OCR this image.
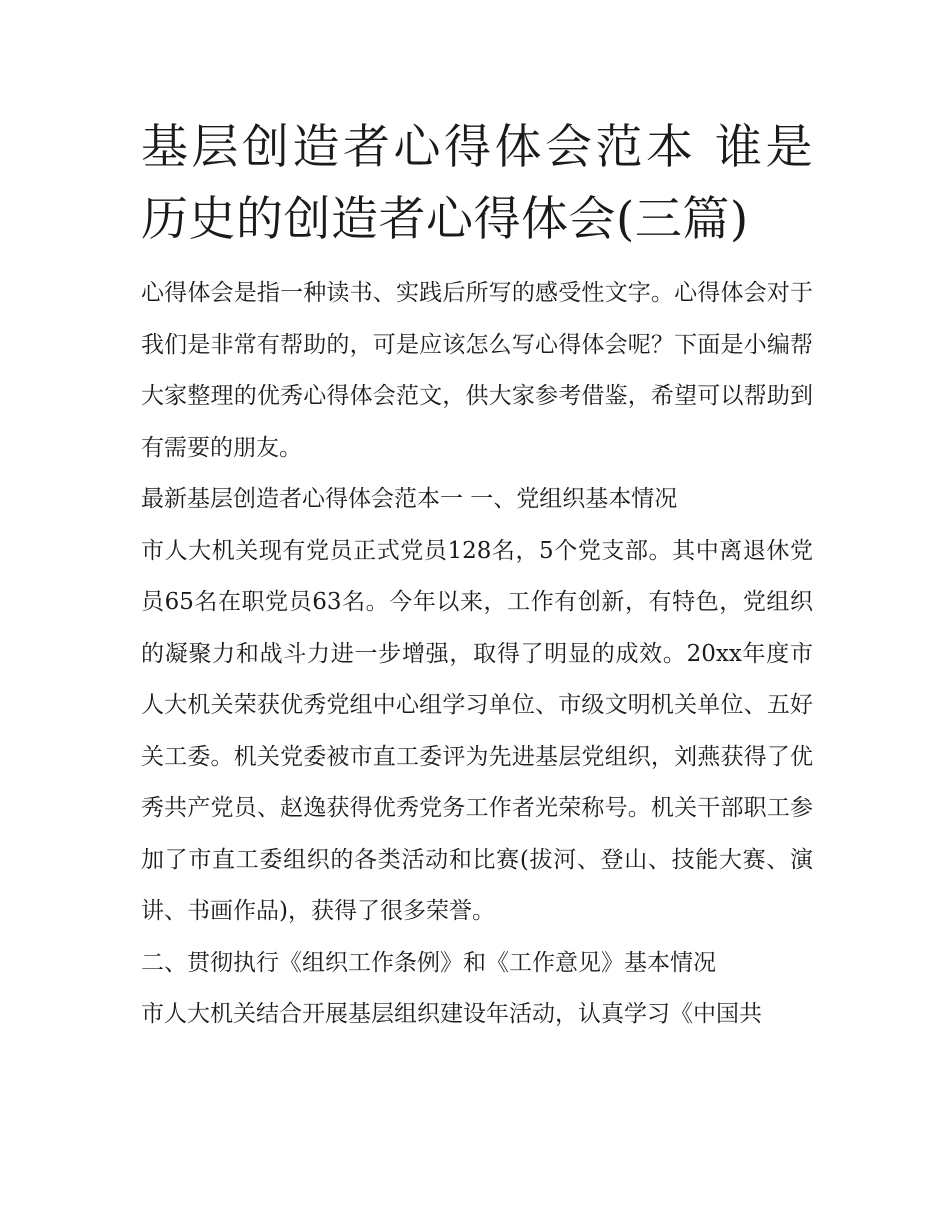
基层创造者心得体会范本 谁是历史的创造者心得体会(三篇)

心得体会是指一种读书、实践后所写的感受性文字。心得体会对于我们是非常有帮助的，可是应该怎么写心得体会呢？下面是小编帮大家整理的优秀心得体会范文，供大家参考借鉴，希望可以帮助到有需要的朋友。

最新基层创造者心得体会范本一 一、党组织基本情况

市人大机关现有党员正式党员128名，5个党支部。其中离退休党员65名在职党员63名。今年以来，工作有创新，有特色，党组织的凝聚力和战斗力进一步增强，取得了明显的成效。20xx年度市人大机关荣获优秀党组中心组学习单位、市级文明机关单位、五好关工委。机关党委被市直工委评为先进基层党组织，刘燕获得了优秀共产党员、赵逸获得优秀党务工作者光荣称号。机关干部职工参加了市直工委组织的各类活动和比赛(拔河、登山、技能大赛、演讲、书画作品)，获得了很多荣誉。

二、贯彻执行《组织工作条例》和《工作意见》基本情况

市人大机关结合开展基层组织建设年活动，认真学习《中国共
